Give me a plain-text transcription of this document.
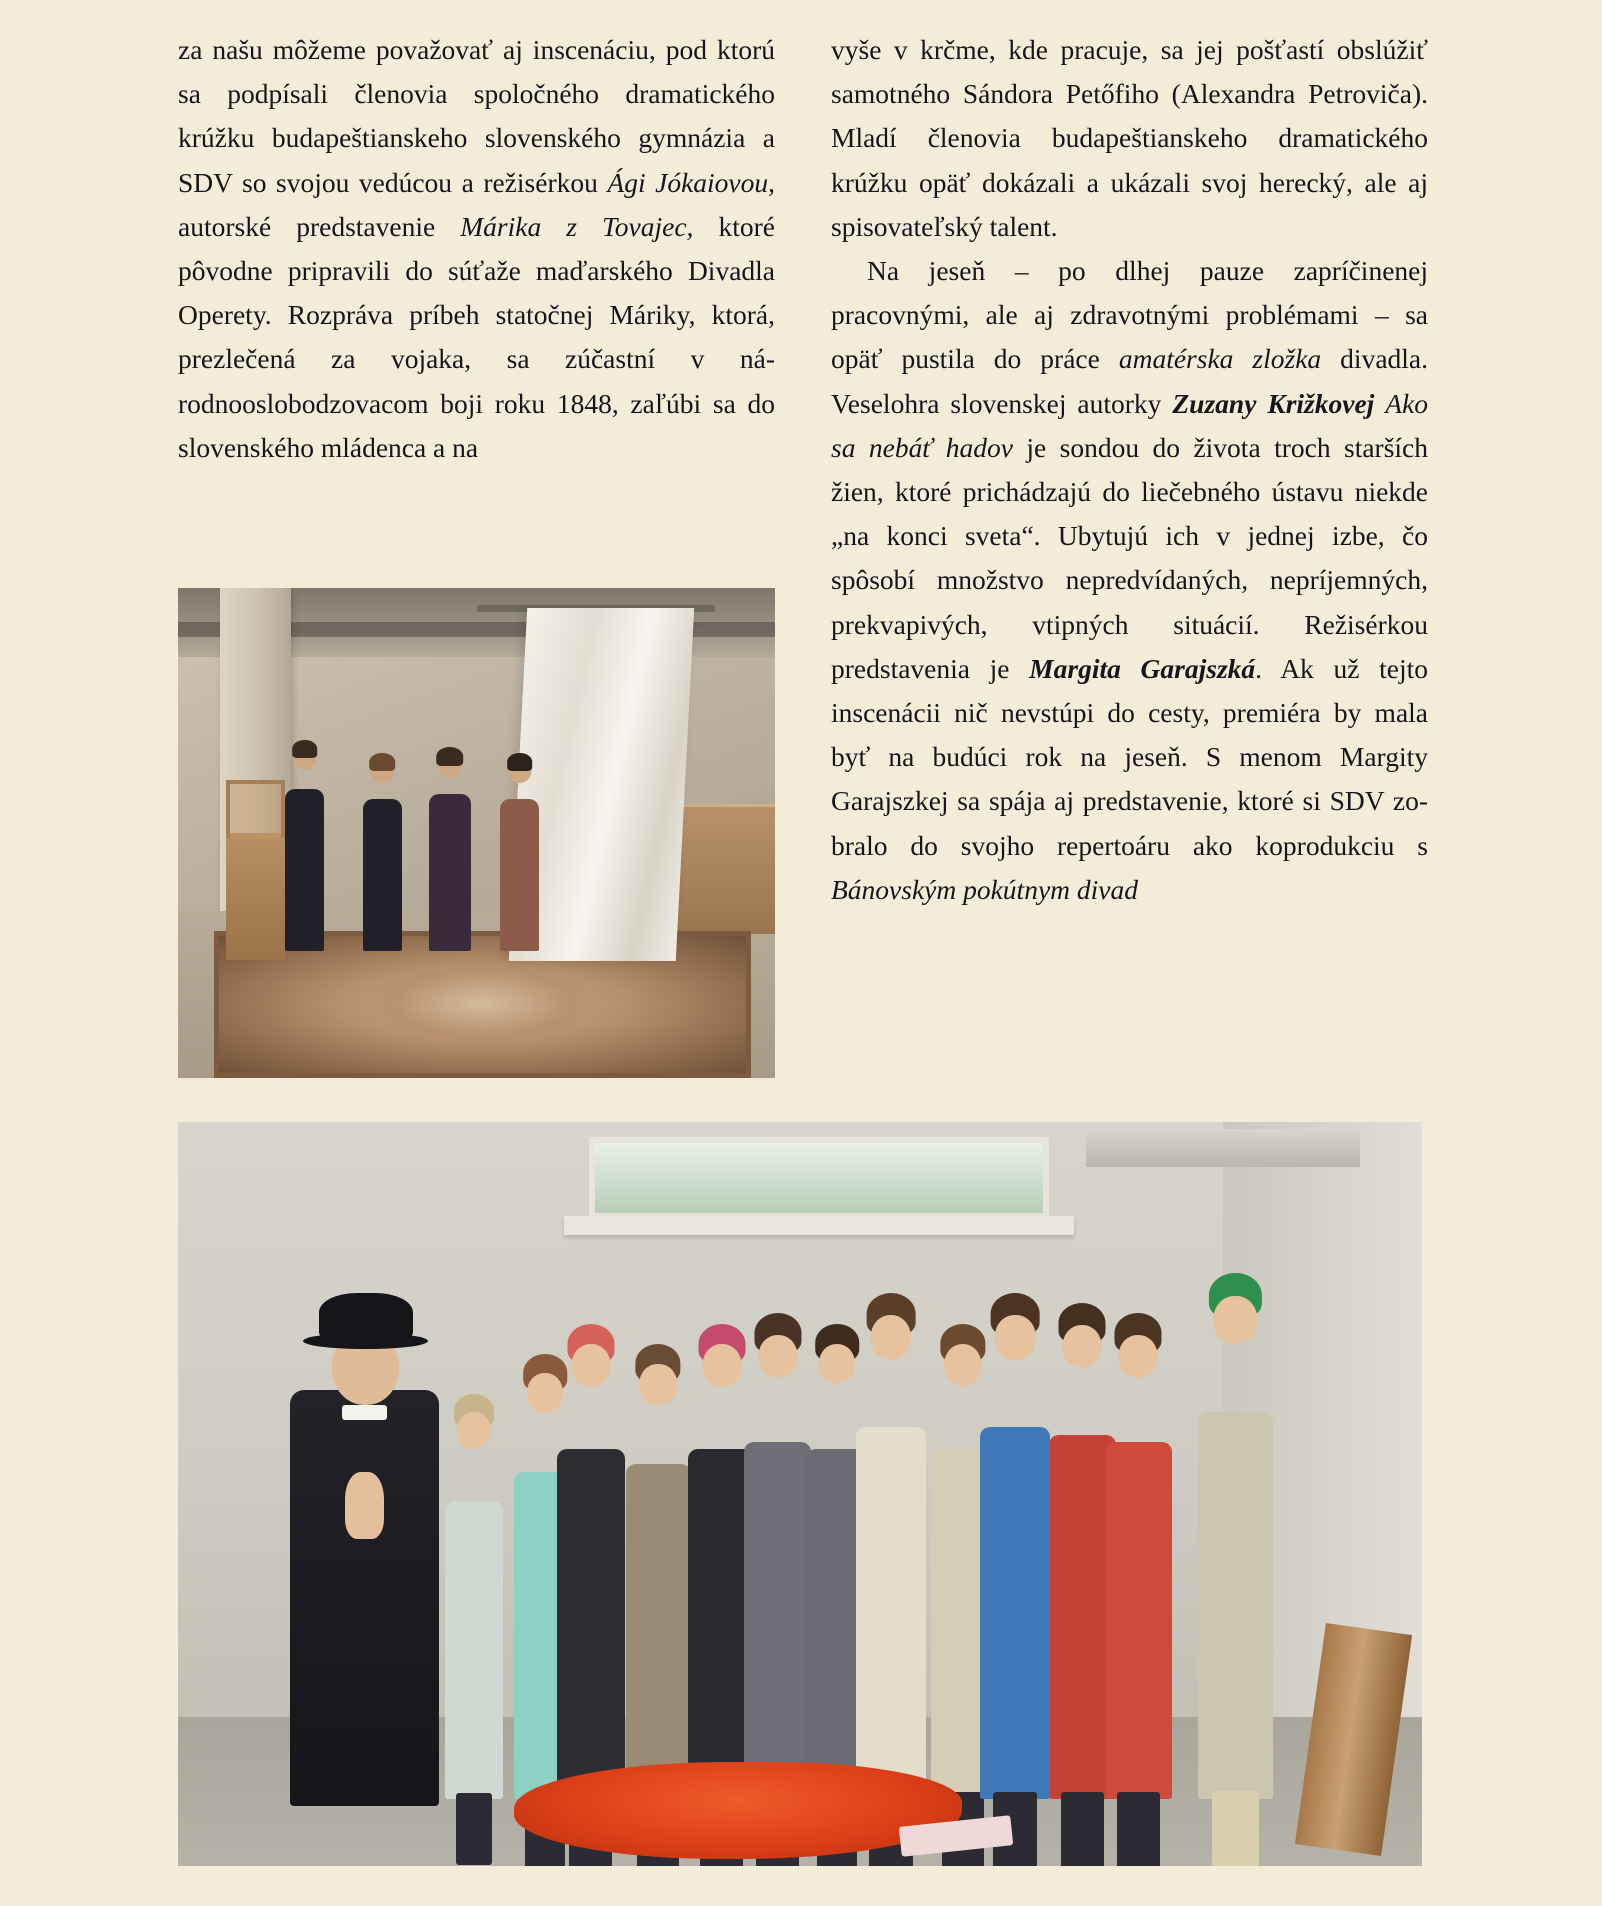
za našu môžeme považovať aj inscenáciu, pod ktorú sa podpísali členovia spoločného dramatického krúžku budapeštianskeho slovenského gymnázia a SDV so svojou vedúcou a režisérkou Ági Jókaiovou, autorské predstavenie Márika z Tovajec, ktoré pôvodne pripravili do súťaže maďarského Divadla Operety. Rozpráva príbeh statočnej Máriky, ktorá, prezlečená za vojaka, sa zúčastní v národnooslobodzovacom boji roku 1848, zaľúbi sa do slovenského mládenca a na

vyše v krčme, kde pracuje, sa jej pošťastí obslúžiť samotného Sándora Petőfiho (Alexandra Petroviča). Mladí členovia budapeštianskeho dramatického krúžku opäť dokázali a ukázali svoj herecký, ale aj spisovateľský talent.

Na jeseň – po dlhej pauze zapríčinenej pracovnými, ale aj zdravotnými problémami – sa opäť pustila do práce amatérska zložka divadla. Veselohra slovenskej autorky Zuzany Križkovej Ako sa nebáť hadov je sondou do života troch starších žien, ktoré prichádzajú do liečebného ústavu niekde „na konci sveta“. Ubytujú ich v jednej izbe, čo spôsobí množstvo nepredvídaných, nepríjemných, prekvapivých, vtipných situácií. Režisérkou predstavenia je Margita Garajszká. Ak už tejto inscenácii nič nevstúpi do cesty, premiéra by mala byť na budúci rok na jeseň. S menom Margity Garajszkej sa spája aj predstavenie, ktoré si SDV zobralo do svojho repertoáru ako koprodukciu s Bánovským pokútnym divad
